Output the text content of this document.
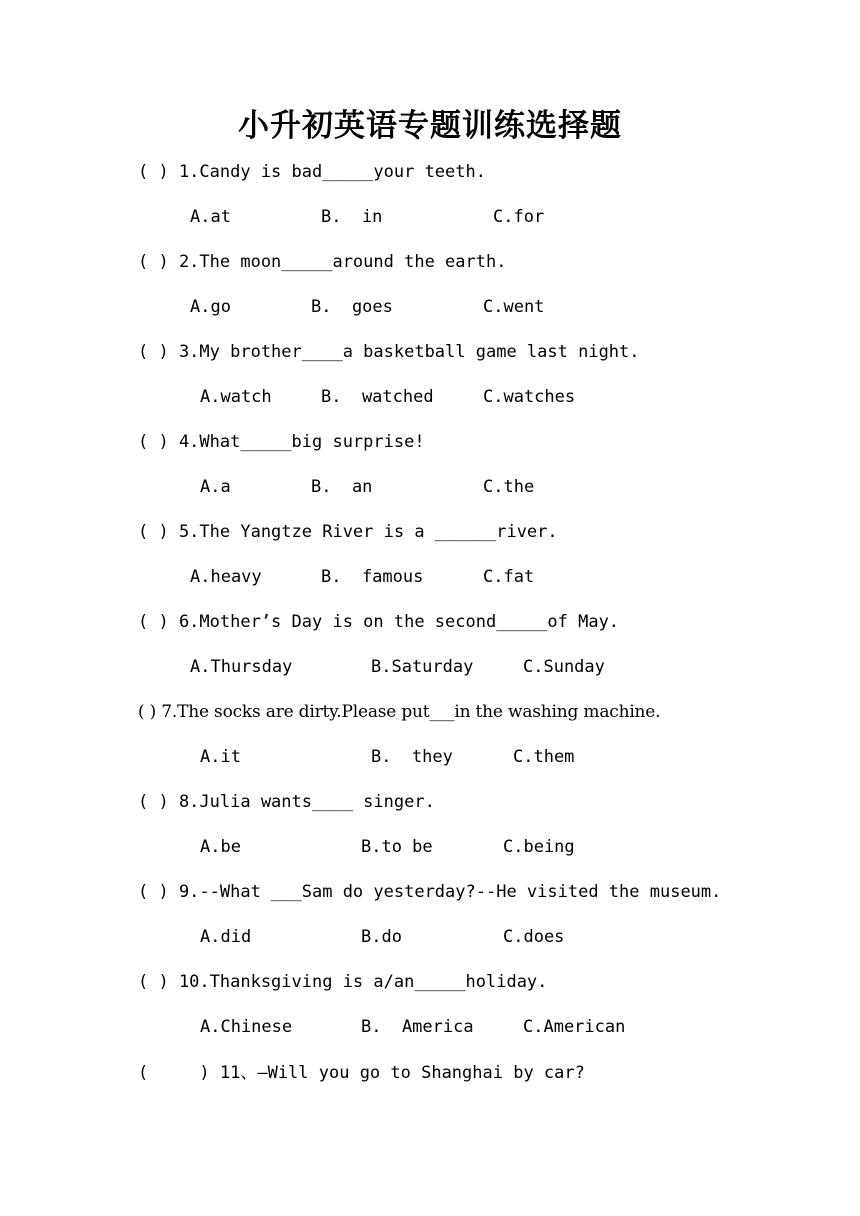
小升初英语专题训练选择题
( ) 1.Candy is bad_____your teeth.
A.at	B.  in	C.for
( ) 2.The moon_____around the earth.
A.go	B.  goes	C.went
( ) 3.My brother____a basketball game last night.
A.watch	B.  watched	C.watches
( ) 4.What_____big surprise!
A.a	B.  an	C.the
( ) 5.The Yangtze River is a ______river.
A.heavy	B.  famous	C.fat
( ) 6.Mother’s Day is on the second_____of May.
A.Thursday	B.Saturday	C.Sunday
( ) 7.The socks are dirty.Please put___in the washing machine.
A.it	B.  they	C.them
( ) 8.Julia wants____ singer.
A.be	B.to be	C.being
( ) 9.--What ___Sam do yesterday?--He visited the museum.
A.did	B.do	C.does
( ) 10.Thanksgiving is a/an_____holiday.
A.Chinese	B.  America	C.American
(     ) 11、—Will you go to Shanghai by car?
